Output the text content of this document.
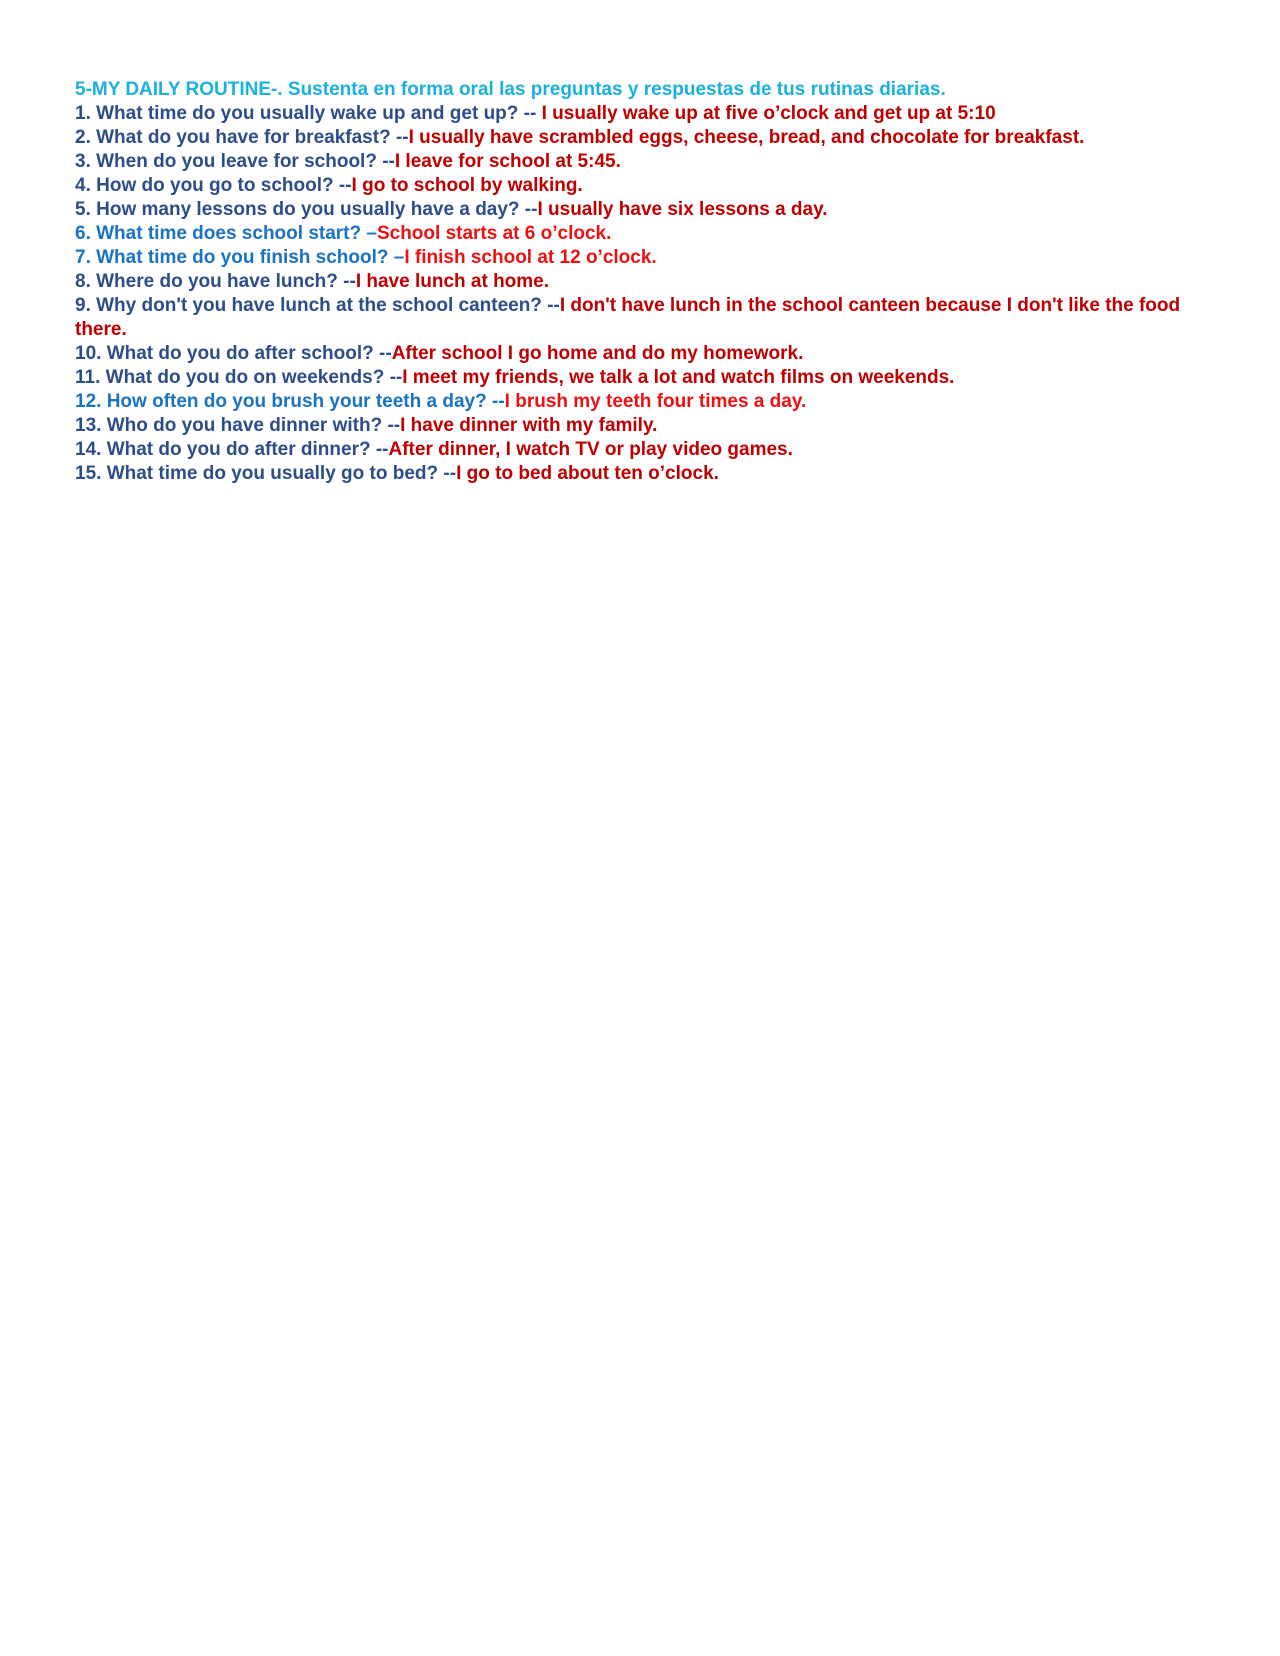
5-MY DAILY ROUTINE-. Sustenta en forma oral las preguntas y respuestas de tus rutinas diarias.

1. What time do you usually wake up and get up? -- I usually wake up at five o’clock and get up at 5:10

2. What do you have for breakfast? --I usually have scrambled eggs, cheese, bread, and chocolate for breakfast.

3. When do you leave for school? --I leave for school at 5:45.

4. How do you go to school? --I go to school by walking.

5. How many lessons do you usually have a day? --I usually have six lessons a day.

6. What time does school start? –School starts at 6 o’clock.

7. What time do you finish school? –I finish school at 12 o’clock.

8. Where do you have lunch? --I have lunch at home.

9. Why don't you have lunch at the school canteen? --I don't have lunch in the school canteen because I don't like the food there.

10. What do you do after school? --After school I go home and do my homework.

11. What do you do on weekends? --I meet my friends, we talk a lot and watch films on weekends.

12. How often do you brush your teeth a day? --I brush my teeth four times a day.

13. Who do you have dinner with? --I have dinner with my family.

14. What do you do after dinner? --After dinner, I watch TV or play video games.

15. What time do you usually go to bed? --I go to bed about ten o’clock.
